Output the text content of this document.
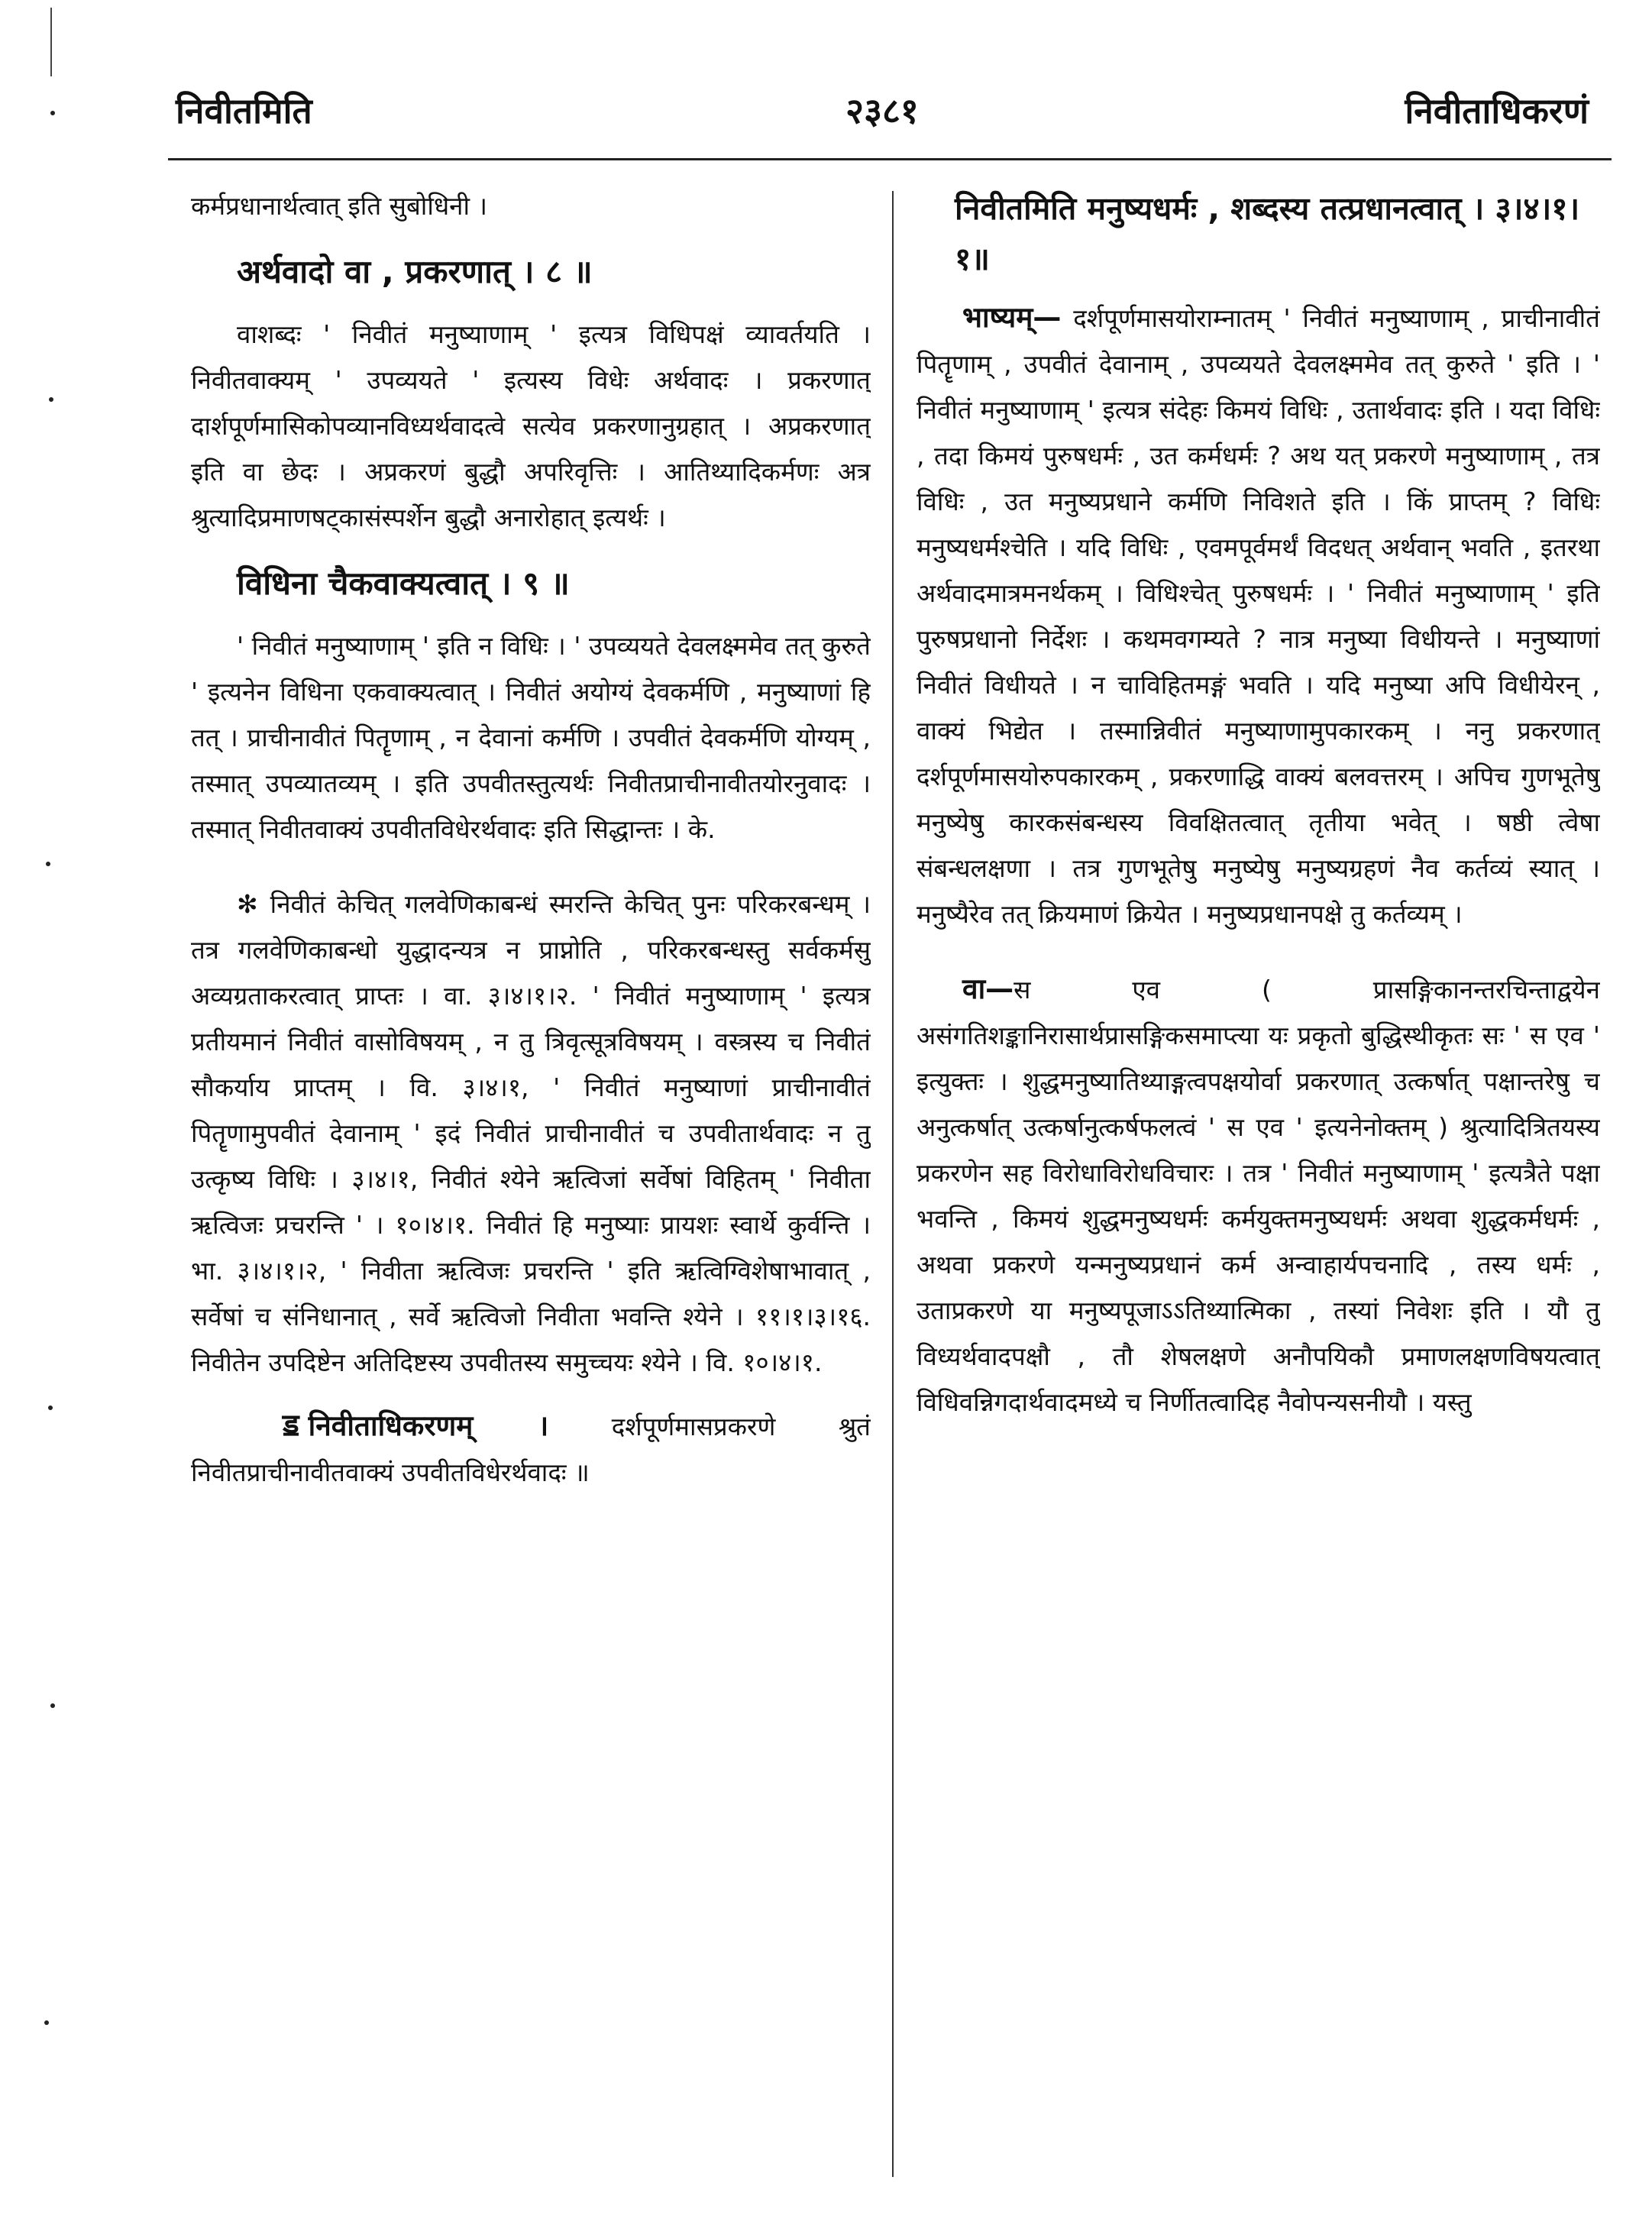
२३८१
निवीतमिति	निवीताधिकरणं

कर्मप्रधानार्थत्वात् इति सुबोधिनी ।

अर्थवादो वा , प्रकरणात् । ८ ॥

वाशब्दः ' निवीतं मनुष्याणाम् ' इत्यत्र विधिपक्षं व्यावर्तयति । निवीतवाक्यम् ' उपव्ययते ' इत्यस्य विधेः अर्थवादः । प्रकरणात् दार्शपूर्णमासिकोपव्यानविध्यर्थवादत्वे सत्येव प्रकरणानुग्रहात् । अप्रकरणात् इति वा छेदः । अप्रकरणं बुद्धौ अपरिवृत्तिः । आतिथ्यादिकर्मणः अत्र श्रुत्यादिप्रमाणषट्कासंस्पर्शेन बुद्धौ अनारोहात् इत्यर्थः ।

विधिना चैकवाक्यत्वात् । ९ ॥

' निवीतं मनुष्याणाम् ' इति न विधिः । ' उपव्ययते देवलक्ष्ममेव तत् कुरुते ' इत्यनेन विधिना एकवाक्यत्वात् । निवीतं अयोग्यं देवकर्मणि , मनुष्याणां हि तत् । प्राचीनावीतं पितॄणाम् , न देवानां कर्मणि । उपवीतं देवकर्मणि योग्यम् , तस्मात् उपव्यातव्यम् । इति उपवीतस्तुत्यर्थः निवीतप्राचीनावीतयोरनुवादः । तस्मात् निवीतवाक्यं उपवीतविधेरर्थवादः इति सिद्धान्तः । के.

✻ निवीतं केचित् गलवेणिकाबन्धं स्मरन्ति केचित् पुनः परिकरबन्धम् । तत्र गलवेणिकाबन्धो युद्धादन्यत्र न प्राप्नोति , परिकरबन्धस्तु सर्वकर्मसु अव्यग्रताकरत्वात् प्राप्तः । वा. ३।४।१।२. ' निवीतं मनुष्याणाम् ' इत्यत्र प्रतीयमानं निवीतं वासोविषयम् , न तु त्रिवृत्सूत्रविषयम् । वस्त्रस्य च निवीतं सौकर्याय प्राप्तम् । वि. ३।४।१, ' निवीतं मनुष्याणां प्राचीनावीतं पितॄणामुपवीतं देवानाम् ' इदं निवीतं प्राचीनावीतं च उपवीतार्थवादः न तु उत्कृष्य विधिः । ३।४।१, निवीतं श्येने ऋत्विजां सर्वेषां विहितम् ' निवीता ऋत्विजः प्रचरन्ति ' । १०।४।१. निवीतं हि मनुष्याः प्रायशः स्वार्थे कुर्वन्ति । भा. ३।४।१।२, ' निवीता ऋत्विजः प्रचरन्ति ' इति ऋत्विग्विशेषाभावात् , सर्वेषां च संनिधानात् , सर्वे ऋत्विजो निवीता भवन्ति श्येने । ११।१।३।१६. निवीतेन उपदिष्टेन अतिदिष्टस्य उपवीतस्य समुच्चयः श्येने । वि. १०।४।१.

ॾ निवीताधिकरणम् । दर्शपूर्णमासप्रकरणे श्रुतं निवीतप्राचीनावीतवाक्यं उपवीतविधेरर्थवादः ॥

निवीतमिति मनुष्यधर्मः , शब्दस्य तत्प्रधानत्वात् । ३।४।१।१॥

भाष्यम्— दर्शपूर्णमासयोराम्नातम् ' निवीतं मनुष्याणाम् , प्राचीनावीतं पितॄणाम् , उपवीतं देवानाम् , उपव्ययते देवलक्ष्ममेव तत् कुरुते ' इति । ' निवीतं मनुष्याणाम् ' इत्यत्र संदेहः किमयं विधिः , उतार्थवादः इति । यदा विधिः , तदा किमयं पुरुषधर्मः , उत कर्मधर्मः ? अथ यत् प्रकरणे मनुष्याणाम् , तत्र विधिः , उत मनुष्यप्रधाने कर्मणि निविशते इति । किं प्राप्तम् ? विधिः मनुष्यधर्मश्चेति । यदि विधिः , एवमपूर्वमर्थं विदधत् अर्थवान् भवति , इतरथा अर्थवादमात्रमनर्थकम् । विधिश्चेत् पुरुषधर्मः । ' निवीतं मनुष्याणाम् ' इति पुरुषप्रधानो निर्देशः । कथमवगम्यते ? नात्र मनुष्या विधीयन्ते । मनुष्याणां निवीतं विधीयते । न चाविहितमङ्गं भवति । यदि मनुष्या अपि विधीयेरन् , वाक्यं भिद्येत । तस्मान्निवीतं मनुष्याणामुपकारकम् । ननु प्रकरणात् दर्शपूर्णमासयोरुपकारकम् , प्रकरणाद्धि वाक्यं बलवत्तरम् । अपिच गुणभूतेषु मनुष्येषु कारकसंबन्धस्य विवक्षितत्वात् तृतीया भवेत् । षष्ठी त्वेषा संबन्धलक्षणा । तत्र गुणभूतेषु मनुष्येषु मनुष्यग्रहणं नैव कर्तव्यं स्यात् । मनुष्यैरेव तत् क्रियमाणं क्रियेत । मनुष्यप्रधानपक्षे तु कर्तव्यम् ।

वा—स एव ( प्रासङ्गिकानन्तरचिन्ताद्वयेन असंगतिशङ्कानिरासार्थप्रासङ्गिकसमाप्त्या यः प्रकृतो बुद्धिस्थीकृतः सः ' स एव ' इत्युक्तः । शुद्धमनुष्यातिथ्याङ्गत्वपक्षयोर्वा प्रकरणात् उत्कर्षात् पक्षान्तरेषु च अनुत्कर्षात् उत्कर्षानुत्कर्षफलत्वं ' स एव ' इत्यनेनोक्तम् ) श्रुत्यादित्रितयस्य प्रकरणेन सह विरोधाविरोधविचारः । तत्र ' निवीतं मनुष्याणाम् ' इत्यत्रैते पक्षा भवन्ति , किमयं शुद्धमनुष्यधर्मः कर्मयुक्तमनुष्यधर्मः अथवा शुद्धकर्मधर्मः , अथवा प्रकरणे यन्मनुष्यप्रधानं कर्म अन्वाहार्यपचनादि , तस्य धर्मः , उताप्रकरणे या मनुष्यपूजाऽऽतिथ्यात्मिका , तस्यां निवेशः इति । यौ तु विध्यर्थवादपक्षौ , तौ शेषलक्षणे अनौपयिकौ प्रमाणलक्षणविषयत्वात् विधिवन्निगदार्थवादमध्ये च निर्णीतत्वादिह नैवोपन्यसनीयौ । यस्तु
